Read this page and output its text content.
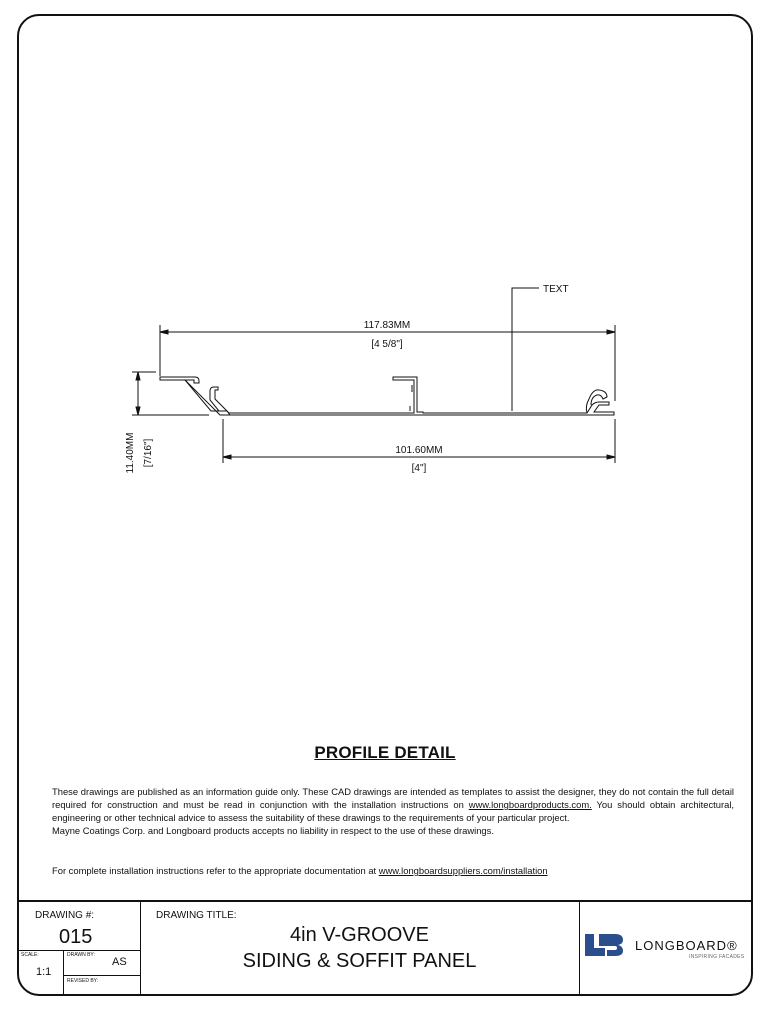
TEXT
117.83MM
[4 5/8"]
101.60MM
[4"]
11.40MM [7/16"]
PROFILE DETAIL

These drawings are published as an information guide only. These CAD drawings are intended as templates to assist the designer, they do not contain the full detail required for construction and must be read in conjunction with the installation instructions on www.longboardproducts.com. You should obtain architectural, engineering or other technical advice to assess the suitability of these drawings to the requirements of your particular project.

Mayne Coatings Corp. and Longboard products accepts no liability in respect to the use of these drawings.

For complete installation instructions refer to the appropriate documentation at www.longboardsuppliers.com/installation
DRAWING #:
015
SCALE:
1:1
DRAWN BY:
AS
REVISED BY:
DRAWING TITLE:
4in V-GROOVE
SIDING & SOFFIT PANEL
LONGBOARD®
INSPIRING FACADES
